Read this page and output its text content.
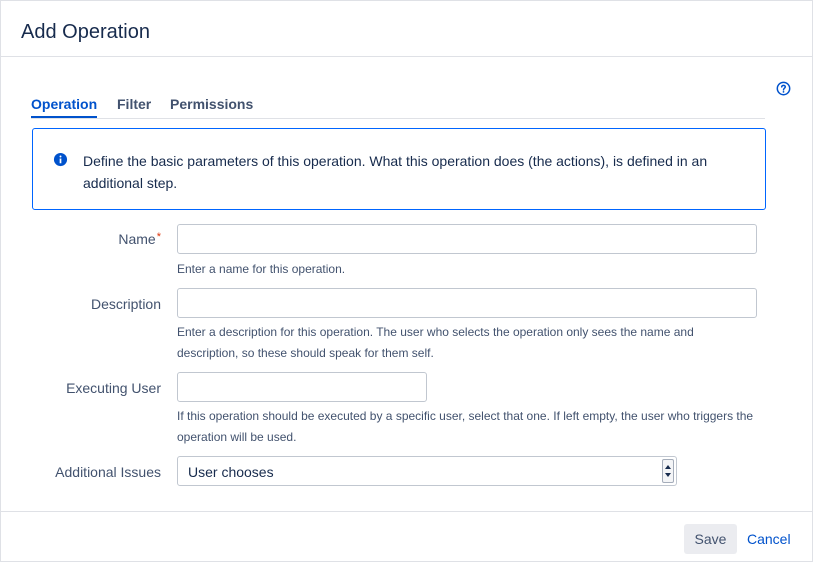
Add Operation
Operation Filter Permissions
Define the basic parameters of this operation. What this operation does (the actions), is defined in an additional step.
Name*
Enter a name for this operation.
Description
Enter a description for this operation. The user who selects the operation only sees the name and description, so these should speak for them self.
Executing User
If this operation should be executed by a specific user, select that one. If left empty, the user who triggers the operation will be used.
Additional Issues User chooses
Save	Cancel
